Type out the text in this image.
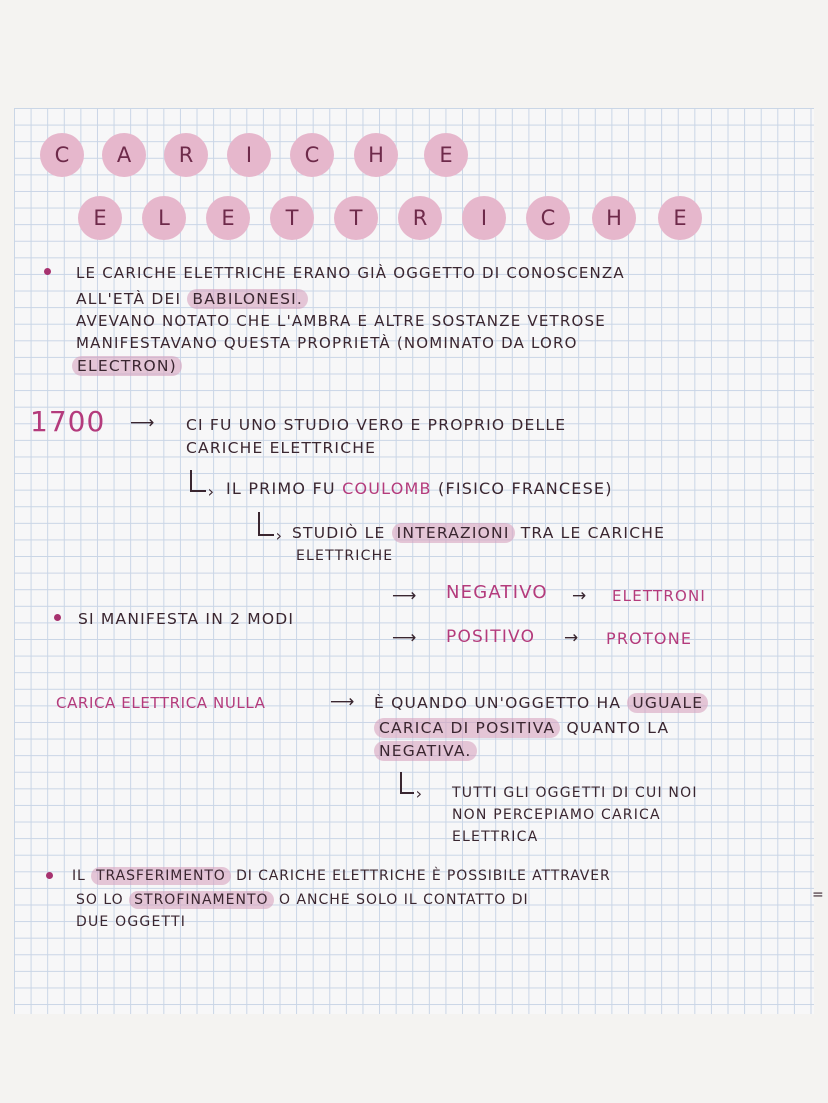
C	A	R	I	C	H	E
E	L	E	T	T	R	I	C	H	E
LE CARICHE ELETTRICHE ERANO GIÀ OGGETTO DI CONOSCENZA
ALL'ETÀ DEI BABILONESI.
AVEVANO NOTATO CHE L'AMBRA E ALTRE SOSTANZE VETROSE
MANIFESTAVANO QUESTA PROPRIETÀ (NOMINATO DA LORO
ELECTRON)
1700 ⟶ CI FU UNO STUDIO VERO E PROPRIO DELLE
CARICHE ELETTRICHE
›
IL PRIMO FU COULOMB (FISICO FRANCESE)
›
STUDIÒ LE INTERAZIONI TRA LE CARICHE
ELETTRICHE
⟶ NEGATIVO → ELETTRONI
SI MANIFESTA IN 2 MODI
⟶ POSITIVO → PROTONE
CARICA ELETTRICA NULLA	⟶ È QUANDO UN'OGGETTO HA UGUALE
CARICA DI POSITIVA QUANTO LA
NEGATIVA.
›
TUTTI GLI OGGETTI DI CUI NOI
NON PERCEPIAMO CARICA
ELETTRICA
IL TRASFERIMENTO DI CARICHE ELETTRICHE È POSSIBILE ATTRAVER
=
SO LO STROFINAMENTO O ANCHE SOLO IL CONTATTO DI
DUE OGGETTI
